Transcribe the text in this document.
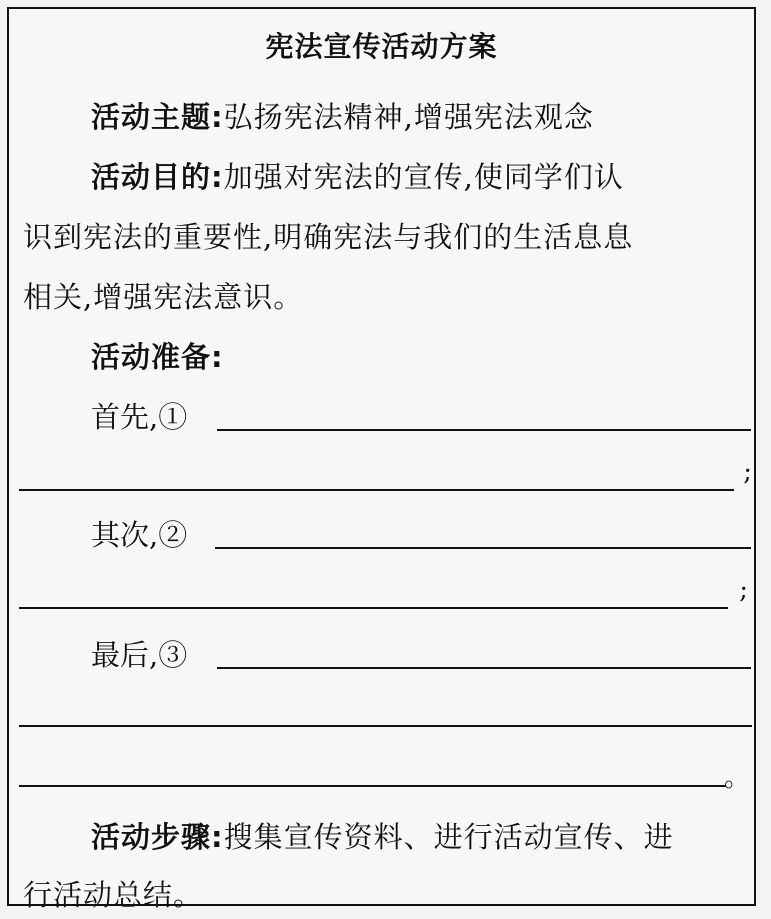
宪法宣传活动方案
活动主题:弘扬宪法精神,增强宪法观念
活动目的:加强对宪法的宣传,使同学们认
识到宪法的重要性,明确宪法与我们的生活息息
相关,增强宪法意识。
活动准备:
首先,①
;
其次,②
;
最后,③
。
活动步骤:搜集宣传资料、进行活动宣传、进
行活动总结。
